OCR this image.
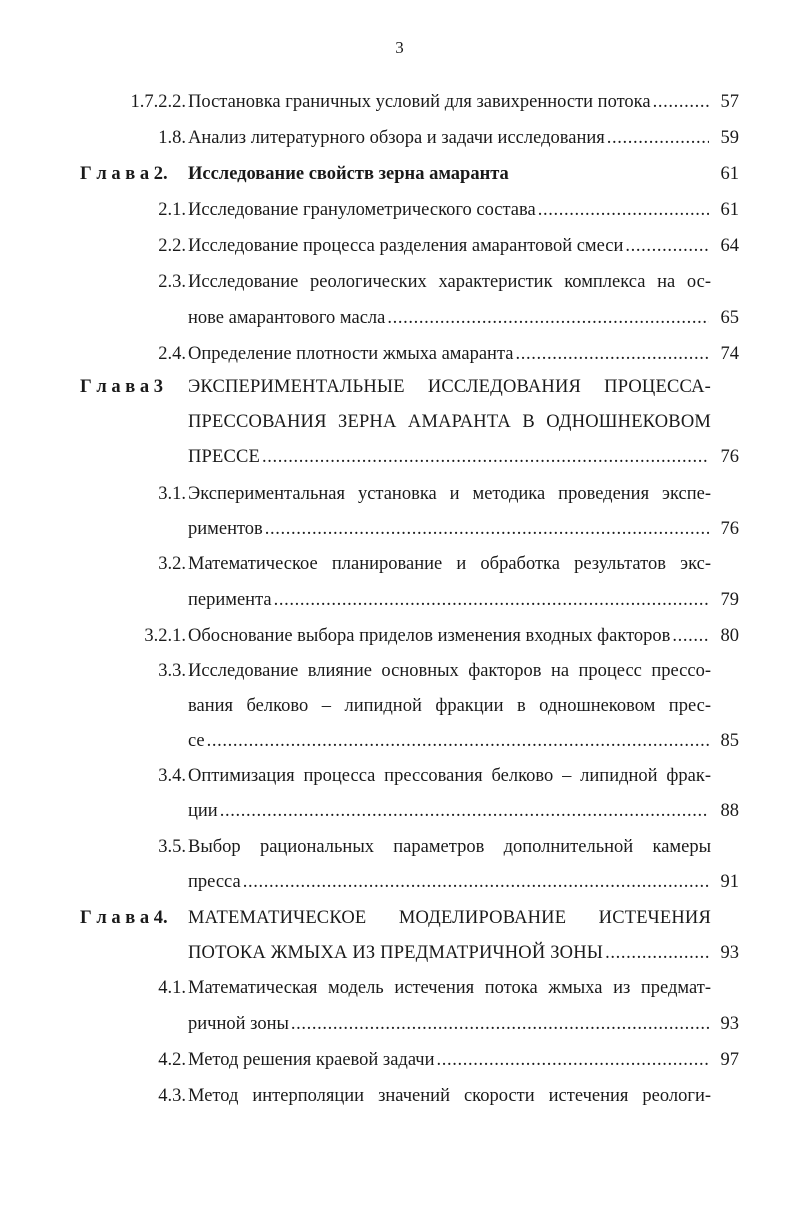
3
1.7.2.2. Постановка граничных условий для завихренности потока . . .	57
1.8. Анализ литературного обзора и задачи исследования . . .	59
Г л а в а 2. Исследование свойств зерна амаранта	61
2.1. Исследование гранулометрического состава . . .	61
2.2. Исследование процесса разделения амарантовой смеси . . .	64
2.3. Исследование реологических характеристик комплекса на ос-
нове амарантового масла . . .	65
2.4. Определение плотности жмыха амаранта . . .	74
Г л а в а 3 ЭКСПЕРИМЕНТАЛЬНЫЕ ИССЛЕДОВАНИЯ ПРОЦЕССА-
ПРЕССОВАНИЯ ЗЕРНА АМАРАНТА В ОДНОШНЕКОВОМ
ПРЕССЕ . . .	76
3.1. Экспериментальная установка и методика проведения экспе-
риментов . . .	76
3.2. Математическое планирование и обработка результатов экс-
перимента . . .	79
3.2.1. Обоснование выбора приделов изменения входных факторов . . .	80
3.3. Исследование влияние основных факторов на процесс прессо-
вания белково – липидной фракции в одношнековом прес-
се . . .	85
3.4. Оптимизация процесса прессования белково – липидной фрак-
ции . . .	88
3.5. Выбор рациональных параметров дополнительной камеры
пресса . . .	91
Г л а в а 4. МАТЕМАТИЧЕСКОЕ МОДЕЛИРОВАНИЕ ИСТЕЧЕНИЯ
ПОТОКА ЖМЫХА ИЗ ПРЕДМАТРИЧНОЙ ЗОНЫ . . .	93
4.1. Математическая модель истечения потока жмыха из предмат-
ричной зоны . . .	93
4.2. Метод решения краевой задачи . . .	97
4.3. Метод интерполяции значений скорости истечения реологи-
